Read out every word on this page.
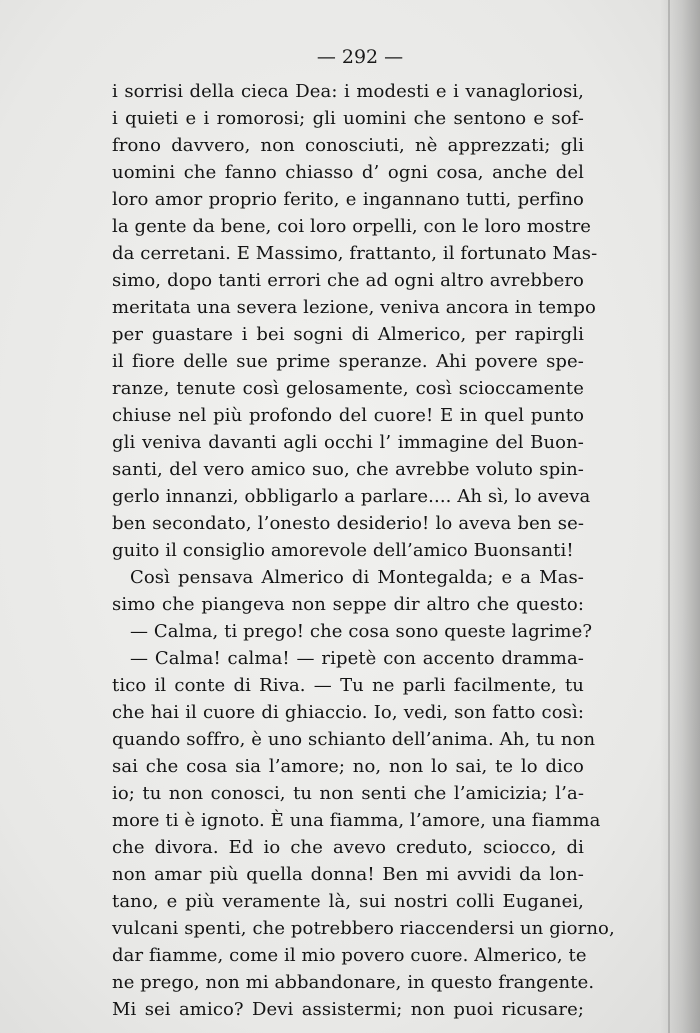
— 292 —
i sorrisi della cieca Dea: i modesti e i vanagloriosi,
i quieti e i romorosi; gli uomini che sentono e sof-
frono davvero, non conosciuti, nè apprezzati; gli
uomini che fanno chiasso d’ ogni cosa, anche del
loro amor proprio ferito, e ingannano tutti, perfino
la gente da bene, coi loro orpelli, con le loro mostre
da cerretani. E Massimo, frattanto, il fortunato Mas-
simo, dopo tanti errori che ad ogni altro avrebbero
meritata una severa lezione, veniva ancora in tempo
per guastare i bei sogni di Almerico, per rapirgli
il fiore delle sue prime speranze. Ahi povere spe-
ranze, tenute così gelosamente, così scioccamente
chiuse nel più profondo del cuore! E in quel punto
gli veniva davanti agli occhi l’ immagine del Buon-
santi, del vero amico suo, che avrebbe voluto spin-
gerlo innanzi, obbligarlo a parlare.... Ah sì, lo aveva
ben secondato, l’onesto desiderio! lo aveva ben se-
guito il consiglio amorevole dell’amico Buonsanti!
Così pensava Almerico di Montegalda; e a Mas-
simo che piangeva non seppe dir altro che questo:
— Calma, ti prego! che cosa sono queste lagrime?
— Calma! calma! — ripetè con accento dramma-
tico il conte di Riva. — Tu ne parli facilmente, tu
che hai il cuore di ghiaccio. Io, vedi, son fatto così:
quando soffro, è uno schianto dell’anima. Ah, tu non
sai che cosa sia l’amore; no, non lo sai, te lo dico
io; tu non conosci, tu non senti che l’amicizia; l’a-
more ti è ignoto. È una fiamma, l’amore, una fiamma
che divora. Ed io che avevo creduto, sciocco, di
non amar più quella donna! Ben mi avvidi da lon-
tano, e più veramente là, sui nostri colli Euganei,
vulcani spenti, che potrebbero riaccendersi un giorno,
dar fiamme, come il mio povero cuore. Almerico, te
ne prego, non mi abbandonare, in questo frangente.
Mi sei amico? Devi assistermi; non puoi ricusare;
